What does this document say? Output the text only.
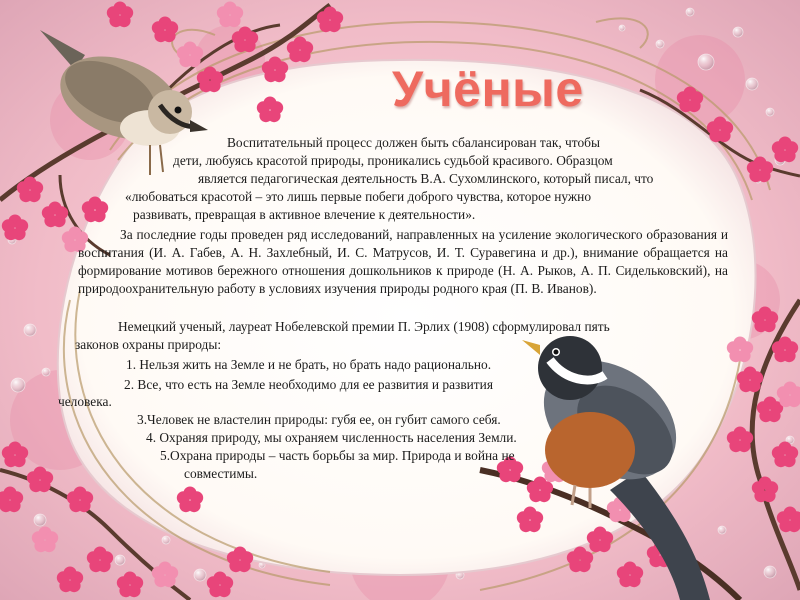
Учёные
Воспитательный процесс должен быть сбалансирован так, чтобы
дети, любуясь красотой природы, проникались судьбой красивого. Образцом
является педагогическая деятельность В.А. Сухомлинского, который писал, что
«любоваться красотой – это лишь первые побеги доброго чувства, которое нужно
развивать, превращая в активное влечение к деятельности».
За последние годы проведен ряд исследований, направленных на усиление экологического образования и воспитания (И. А. Габев, А. Н. Захлебный, И. С. Матрусов, И. Т. Суравегина и др.), внимание обращается на формирование мотивов бережного отношения дошкольников к природе (Н. А. Рыков, А. П. Сидельковский), на природоохранительную работу в условиях изучения природы родного края (П. В. Иванов).
Немецкий ученый, лауреат Нобелевской премии П. Эрлих (1908) сформулировал пять
законов охраны природы:
1. Нельзя жить на Земле и не брать, но брать надо рационально.
2. Все, что есть на Земле необходимо для ее развития и развития
человека.
3.Человек не властелин природы: губя ее, он губит самого себя.
4. Охраняя природу, мы охраняем численность населения Земли.
5.Охрана природы – часть борьбы за мир. Природа и война не
совместимы.
